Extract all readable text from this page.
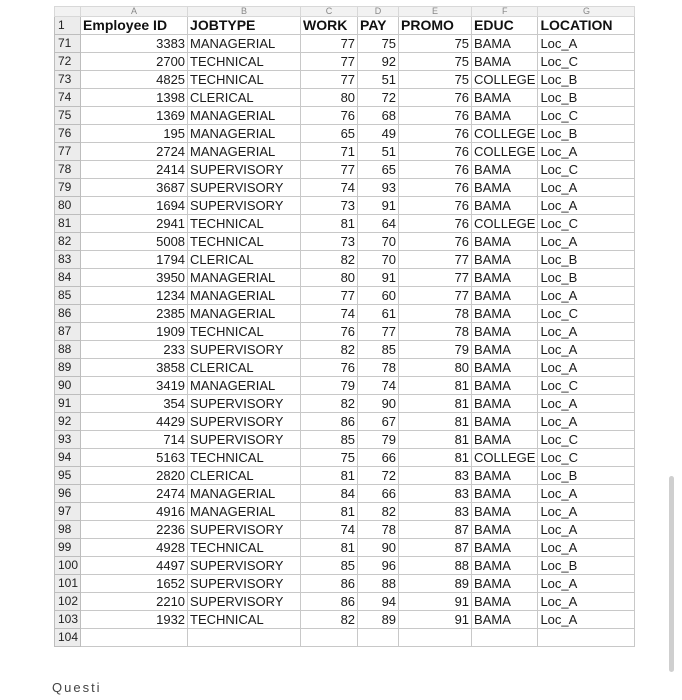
	A	B	C	D	E	F	G
1	Employee ID	JOBTYPE	WORK	PAY	PROMO	EDUC	LOCATION
71	3383	MANAGERIAL	77	75	75	BAMA	Loc_A
72	2700	TECHNICAL	77	92	75	BAMA	Loc_C
73	4825	TECHNICAL	77	51	75	COLLEGE	Loc_B
74	1398	CLERICAL	80	72	76	BAMA	Loc_B
75	1369	MANAGERIAL	76	68	76	BAMA	Loc_C
76	195	MANAGERIAL	65	49	76	COLLEGE	Loc_B
77	2724	MANAGERIAL	71	51	76	COLLEGE	Loc_A
78	2414	SUPERVISORY	77	65	76	BAMA	Loc_C
79	3687	SUPERVISORY	74	93	76	BAMA	Loc_A
80	1694	SUPERVISORY	73	91	76	BAMA	Loc_A
81	2941	TECHNICAL	81	64	76	COLLEGE	Loc_C
82	5008	TECHNICAL	73	70	76	BAMA	Loc_A
83	1794	CLERICAL	82	70	77	BAMA	Loc_B
84	3950	MANAGERIAL	80	91	77	BAMA	Loc_B
85	1234	MANAGERIAL	77	60	77	BAMA	Loc_A
86	2385	MANAGERIAL	74	61	78	BAMA	Loc_C
87	1909	TECHNICAL	76	77	78	BAMA	Loc_A
88	233	SUPERVISORY	82	85	79	BAMA	Loc_A
89	3858	CLERICAL	76	78	80	BAMA	Loc_A
90	3419	MANAGERIAL	79	74	81	BAMA	Loc_C
91	354	SUPERVISORY	82	90	81	BAMA	Loc_A
92	4429	SUPERVISORY	86	67	81	BAMA	Loc_A
93	714	SUPERVISORY	85	79	81	BAMA	Loc_C
94	5163	TECHNICAL	75	66	81	COLLEGE	Loc_C
95	2820	CLERICAL	81	72	83	BAMA	Loc_B
96	2474	MANAGERIAL	84	66	83	BAMA	Loc_A
97	4916	MANAGERIAL	81	82	83	BAMA	Loc_A
98	2236	SUPERVISORY	74	78	87	BAMA	Loc_A
99	4928	TECHNICAL	81	90	87	BAMA	Loc_A
100	4497	SUPERVISORY	85	96	88	BAMA	Loc_B
101	1652	SUPERVISORY	86	88	89	BAMA	Loc_A
102	2210	SUPERVISORY	86	94	91	BAMA	Loc_A
103	1932	TECHNICAL	82	89	91	BAMA	Loc_A
104							
Questi
